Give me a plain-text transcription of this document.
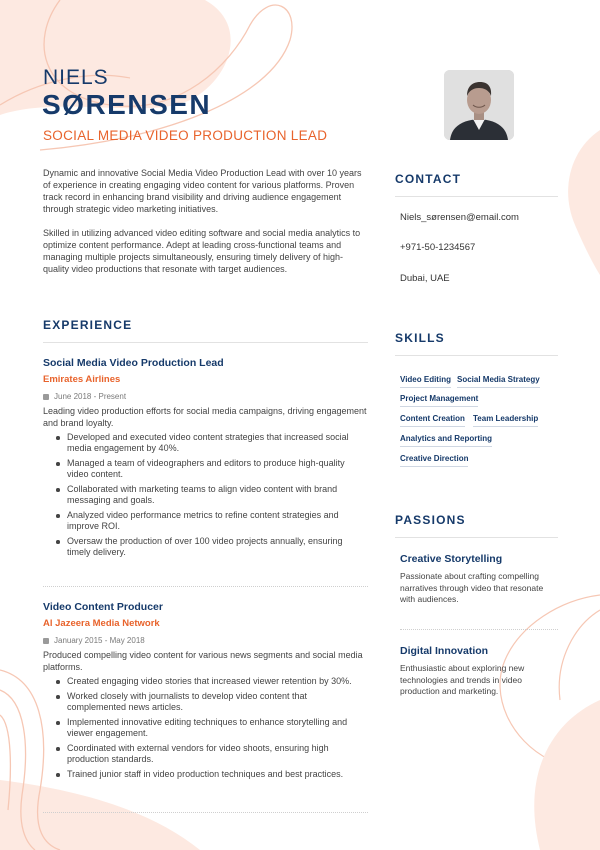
NIELS
SØRENSEN
SOCIAL MEDIA VIDEO PRODUCTION LEAD
Dynamic and innovative Social Media Video Production Lead with over 10 years of experience in creating engaging video content for various platforms. Proven track record in enhancing brand visibility and driving audience engagement through strategic video marketing initiatives.
Skilled in utilizing advanced video editing software and social media analytics to optimize content performance. Adept at leading cross-functional teams and managing multiple projects simultaneously, ensuring timely delivery of high-quality video productions that resonate with target audiences.
EXPERIENCE
Social Media Video Production Lead
Emirates Airlines
June 2018 - Present
Leading video production efforts for social media campaigns, driving engagement and brand loyalty.
Developed and executed video content strategies that increased social media engagement by 40%.
Managed a team of videographers and editors to produce high-quality video content.
Collaborated with marketing teams to align video content with brand messaging and goals.
Analyzed video performance metrics to refine content strategies and improve ROI.
Oversaw the production of over 100 video projects annually, ensuring timely delivery.
Video Content Producer
Al Jazeera Media Network
January 2015 - May 2018
Produced compelling video content for various news segments and social media platforms.
Created engaging video stories that increased viewer retention by 30%.
Worked closely with journalists to develop video content that complemented news articles.
Implemented innovative editing techniques to enhance storytelling and viewer engagement.
Coordinated with external vendors for video shoots, ensuring high production standards.
Trained junior staff in video production techniques and best practices.
CONTACT
Niels_sørensen@email.com
+971-50-1234567
Dubai, UAE
SKILLS
Video Editing Social Media Strategy
Project Management
Content Creation Team Leadership
Analytics and Reporting
Creative Direction
PASSIONS
Creative Storytelling
Passionate about crafting compelling narratives through video that resonate with audiences.
Digital Innovation
Enthusiastic about exploring new technologies and trends in video production and marketing.
